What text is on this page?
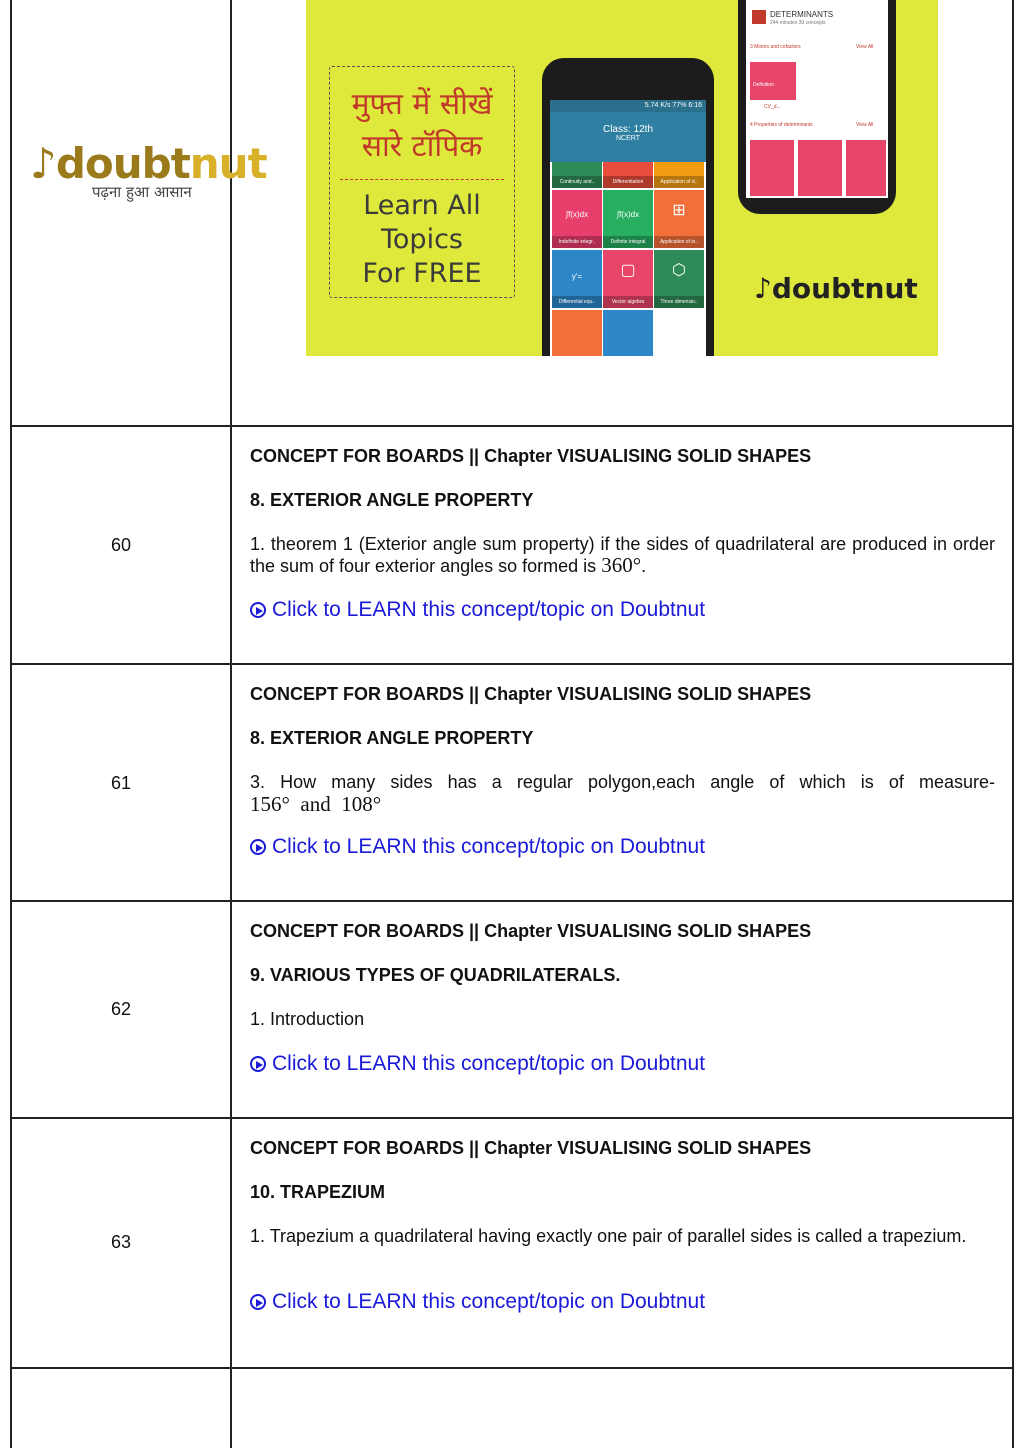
♪doubtnut
पढ़ना हुआ आसान
मुफ्त में सीखें
सारे टॉपिक
Learn All
Topics
For FREE
5.74 K/s 77% 6:16
Class: 12th
NCERT
Continuity and..	Differentiation	Application of d..
∫f(x)dx
Indefinite integr..
∫f(x)dx
Definite integral
⊞
Application of in..
y'=
Differential equ..
▢
Vector algebra
⬡
Three dimensio..
DETERMINANTS
244 minutes 39 concepts
3 Minors and cofactors	View All
Definition
CV_d...
4 Properties of determinants	View All
♪doubtnut
60

CONCEPT FOR BOARDS || Chapter VISUALISING SOLID SHAPES

8. EXTERIOR ANGLE PROPERTY

1. theorem 1 (Exterior angle sum property) if the sides of quadrilateral are produced in order the sum of four exterior angles so formed is 360°.

Click to LEARN this concept/topic on Doubtnut
61

CONCEPT FOR BOARDS || Chapter VISUALISING SOLID SHAPES

8. EXTERIOR ANGLE PROPERTY

3. How many sides has a regular polygon,each angle of which is of measure-

156°  and  108°

Click to LEARN this concept/topic on Doubtnut
62

CONCEPT FOR BOARDS || Chapter VISUALISING SOLID SHAPES

9. VARIOUS TYPES OF QUADRILATERALS.

1. Introduction

Click to LEARN this concept/topic on Doubtnut
63

CONCEPT FOR BOARDS || Chapter VISUALISING SOLID SHAPES

10. TRAPEZIUM

1. Trapezium a quadrilateral having exactly one pair of parallel sides is called a trapezium.

Click to LEARN this concept/topic on Doubtnut
